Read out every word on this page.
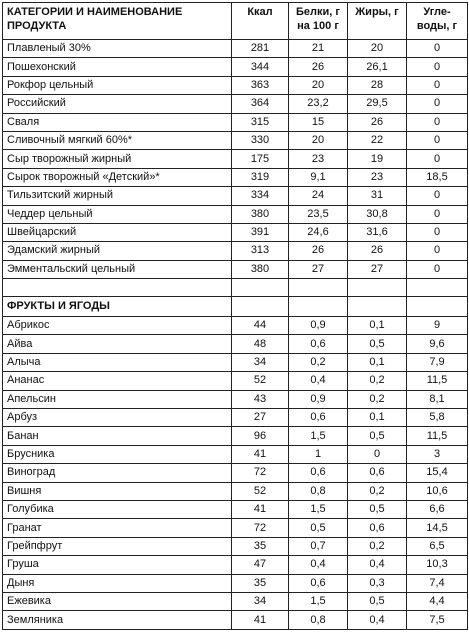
КАТЕГОРИИ И НАИМЕНОВАНИЕ ПРОДУКТА	Ккал	Белки, г на 100 г	Жиры, г	Угле-воды, г
Плавленый 30%	281	21	20	0
Пошехонский	344	26	26,1	0
Рокфор цельный	363	20	28	0
Российский	364	23,2	29,5	0
Сваля	315	15	26	0
Сливочный мягкий 60%*	330	20	22	0
Сыр творожный жирный	175	23	19	0
Сырок творожный «Детский»*	319	9,1	23	18,5
Тильзитский жирный	334	24	31	0
Чеддер цельный	380	23,5	30,8	0
Швейцарский	391	24,6	31,6	0
Эдамский жирный	313	26	26	0
Эмментальский цельный	380	27	27	0

ФРУКТЫ И ЯГОДЫ				
Абрикос	44	0,9	0,1	9
Айва	48	0,6	0,5	9,6
Алыча	34	0,2	0,1	7,9
Ананас	52	0,4	0,2	11,5
Апельсин	43	0,9	0,2	8,1
Арбуз	27	0,6	0,1	5,8
Банан	96	1,5	0,5	11,5
Брусника	41	1	0	3
Виноград	72	0,6	0,6	15,4
Вишня	52	0,8	0,2	10,6
Голубика	41	1,5	0,5	6,6
Гранат	72	0,5	0,6	14,5
Грейпфрут	35	0,7	0,2	6,5
Груша	47	0,4	0,4	10,3
Дыня	35	0,6	0,3	7,4
Ежевика	34	1,5	0,5	4,4
Земляника	41	0,8	0,4	7,5
